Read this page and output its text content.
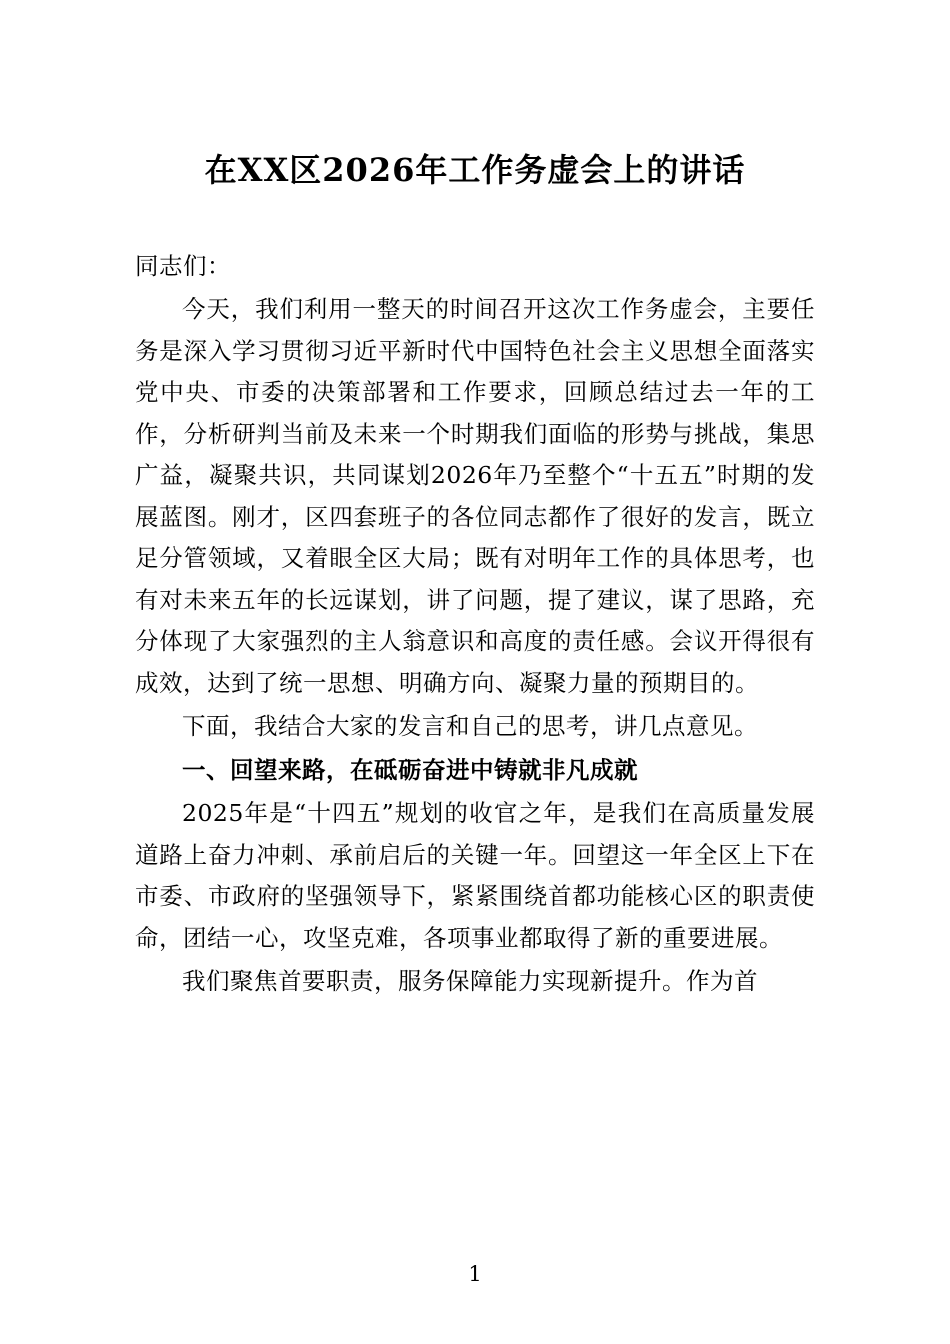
在XX区2026年工作务虚会上的讲话

同志们：

今天，我们利用一整天的时间召开这次工作务虚会，主要任务是深入学习贯彻习近平新时代中国特色社会主义思想全面落实党中央、市委的决策部署和工作要求，回顾总结过去一年的工作，分析研判当前及未来一个时期我们面临的形势与挑战，集思广益，凝聚共识，共同谋划2026年乃至整个“十五五”时期的发展蓝图。刚才，区四套班子的各位同志都作了很好的发言，既立足分管领域，又着眼全区大局；既有对明年工作的具体思考，也有对未来五年的长远谋划，讲了问题，提了建议，谋了思路，充分体现了大家强烈的主人翁意识和高度的责任感。会议开得很有成效，达到了统一思想、明确方向、凝聚力量的预期目的。

下面，我结合大家的发言和自己的思考，讲几点意见。

一、回望来路，在砥砺奋进中铸就非凡成就

2025年是“十四五”规划的收官之年，是我们在高质量发展道路上奋力冲刺、承前启后的关键一年。回望这一年全区上下在市委、市政府的坚强领导下，紧紧围绕首都功能核心区的职责使命，团结一心，攻坚克难，各项事业都取得了新的重要进展。

我们聚焦首要职责，服务保障能力实现新提升。作为首

1
